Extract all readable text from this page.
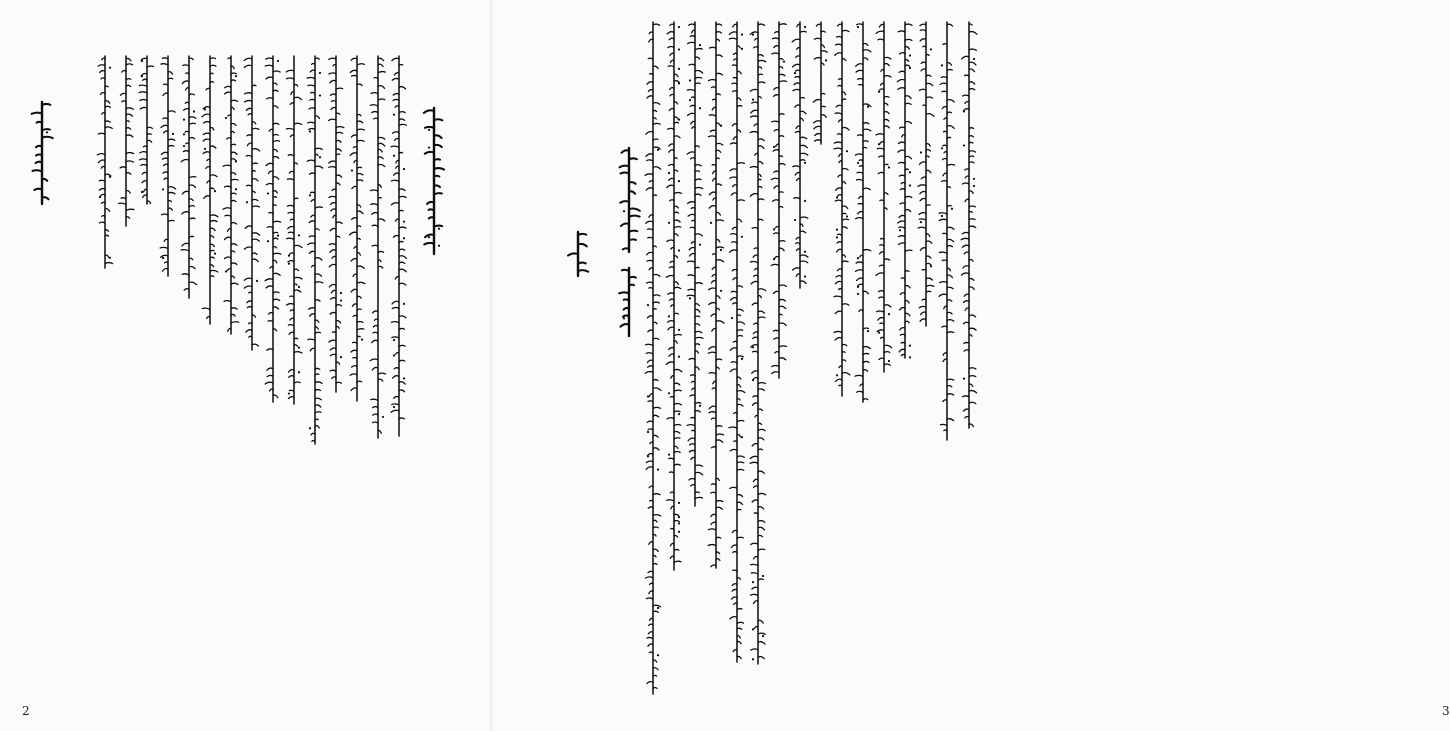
2	3
